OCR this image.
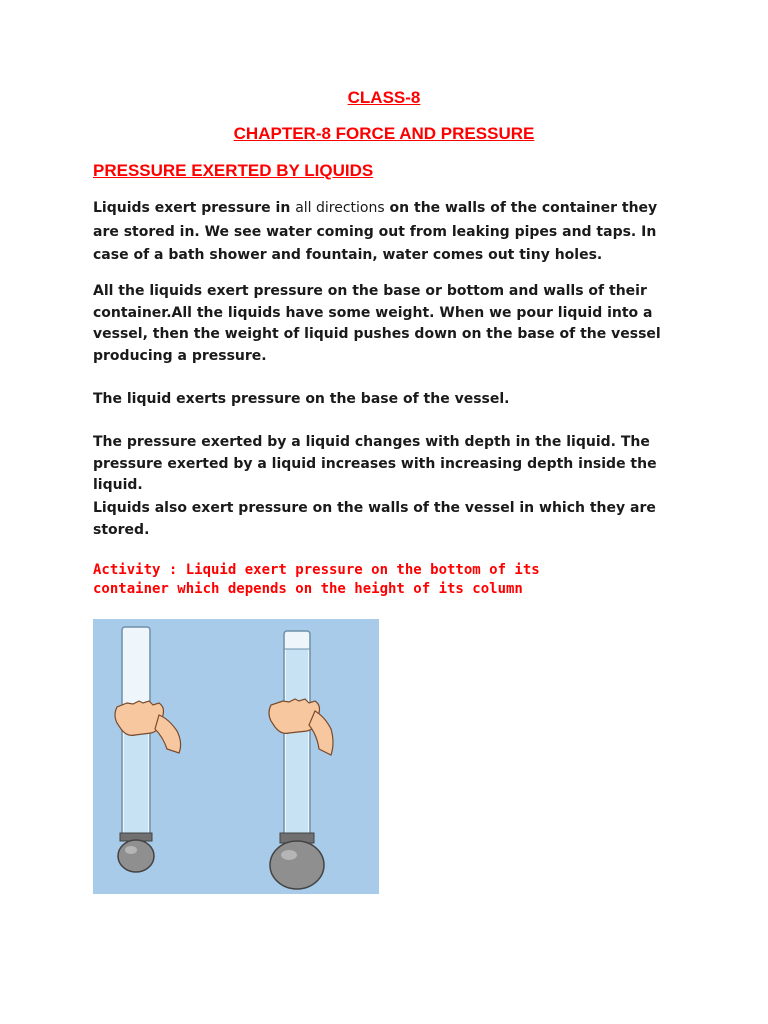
CLASS-8

CHAPTER-8 FORCE AND PRESSURE

PRESSURE EXERTED BY LIQUIDS

Liquids exert pressure in all directions on the walls of the container they are stored in. We see water coming out from leaking pipes and taps. In case of a bath shower and fountain, water comes out tiny holes.

All the liquids exert pressure on the base or bottom and walls of their container.All the liquids have some weight. When we pour liquid into a vessel, then the weight of liquid pushes down on the base of the vessel producing a pressure.

The liquid exerts pressure on the base of the vessel.

The pressure exerted by a liquid changes with depth in the liquid. The pressure exerted by a liquid increases with increasing depth inside the liquid.

Liquids also exert pressure on the walls of the vessel in which they are stored.

Activity : Liquid exert pressure on the bottom of its container which depends on the height of its column
